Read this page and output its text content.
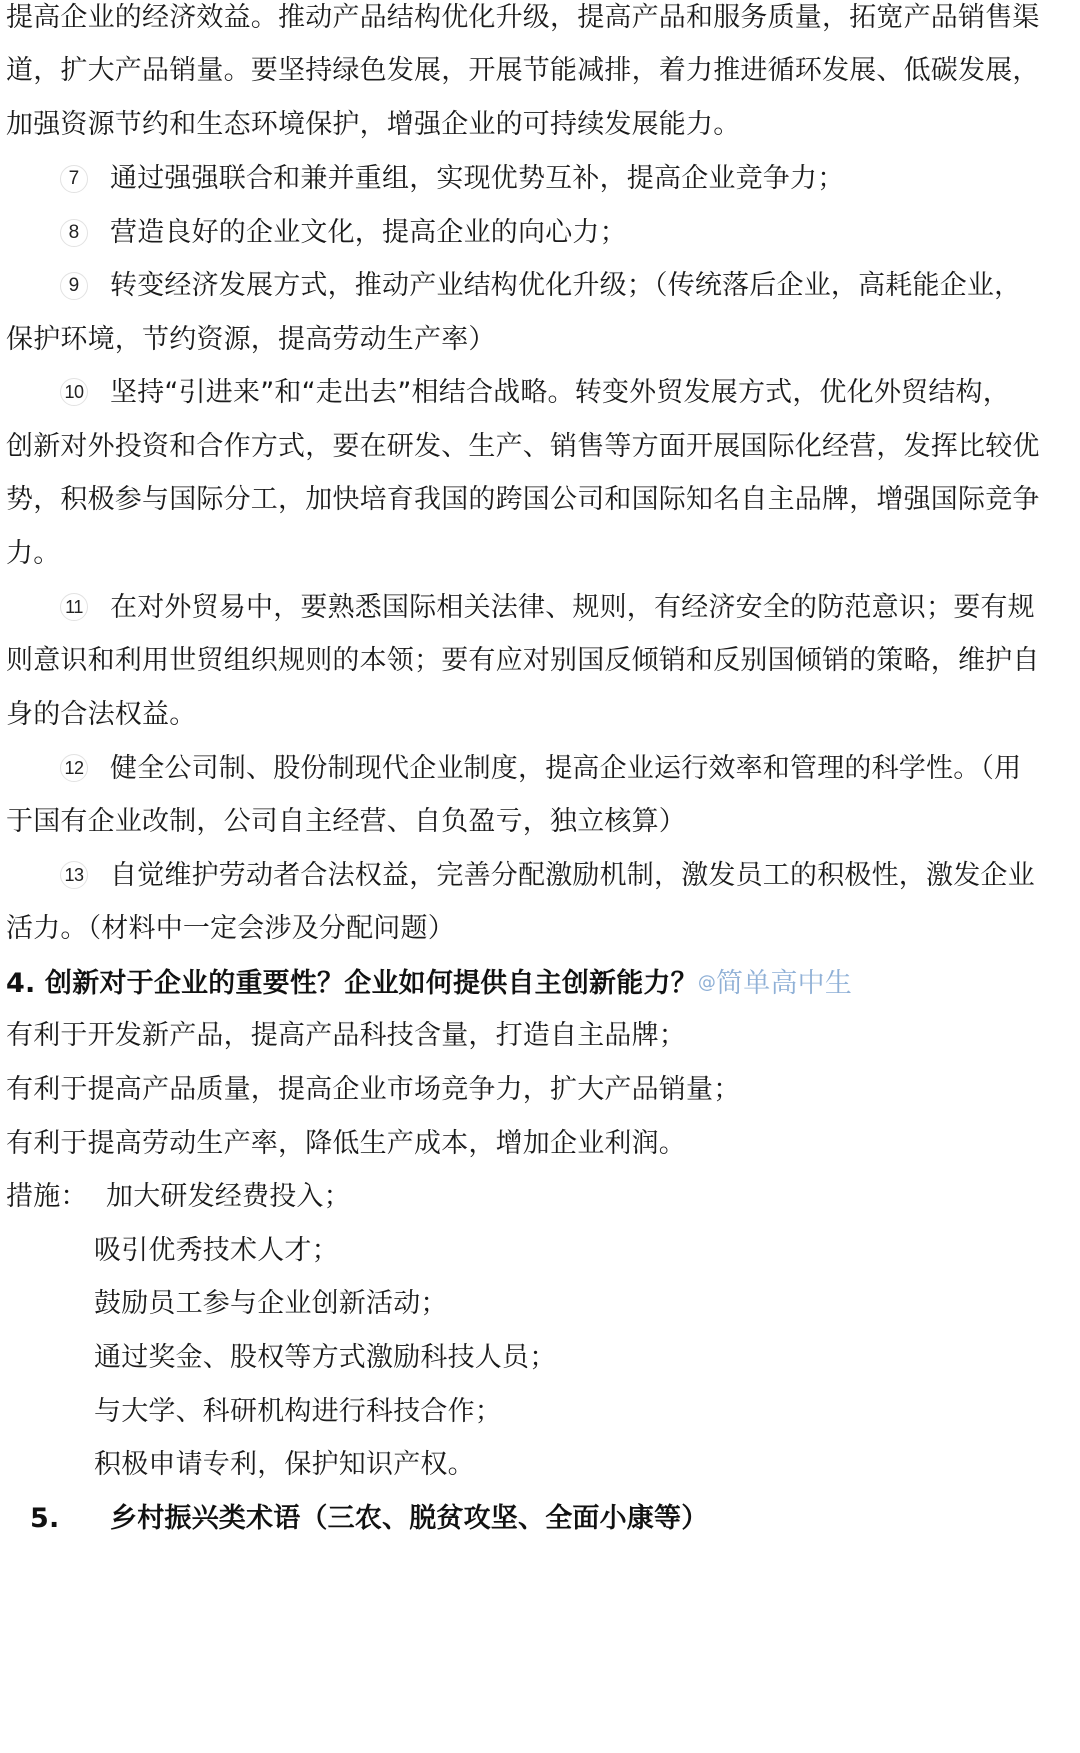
提高企业的经济效益。推动产品结构优化升级，提高产品和服务质量，拓宽产品销售渠
道，扩大产品销量。要坚持绿色发展，开展节能减排，着力推进循环发展、低碳发展，
加强资源节约和生态环境保护，增强企业的可持续发展能力。
7 通过强强联合和兼并重组，实现优势互补，提高企业竞争力；
8 营造良好的企业文化，提高企业的向心力；
9 转变经济发展方式，推动产业结构优化升级；（传统落后企业，高耗能企业，
保护环境，节约资源，提高劳动生产率）
10 坚持“引进来”和“走出去”相结合战略。转变外贸发展方式，优化外贸结构，
创新对外投资和合作方式，要在研发、生产、销售等方面开展国际化经营，发挥比较优
势，积极参与国际分工，加快培育我国的跨国公司和国际知名自主品牌，增强国际竞争
力。
11 在对外贸易中，要熟悉国际相关法律、规则，有经济安全的防范意识；要有规
则意识和利用世贸组织规则的本领；要有应对别国反倾销和反别国倾销的策略，维护自
身的合法权益。
12 健全公司制、股份制现代企业制度，提高企业运行效率和管理的科学性。（用
于国有企业改制，公司自主经营、自负盈亏，独立核算）
13 自觉维护劳动者合法权益，完善分配激励机制，激发员工的积极性，激发企业
活力。（材料中一定会涉及分配问题）
4. 创新对于企业的重要性？企业如何提供自主创新能力？@简单高中生
有利于开发新产品，提高产品科技含量，打造自主品牌；
有利于提高产品质量，提高企业市场竞争力，扩大产品销量；
有利于提高劳动生产率，降低生产成本，增加企业利润。
措施： 加大研发经费投入；
吸引优秀技术人才；
鼓励员工参与企业创新活动；
通过奖金、股权等方式激励科技人员；
与大学、科研机构进行科技合作；
积极申请专利，保护知识产权。
5. 乡村振兴类术语（三农、脱贫攻坚、全面小康等）
